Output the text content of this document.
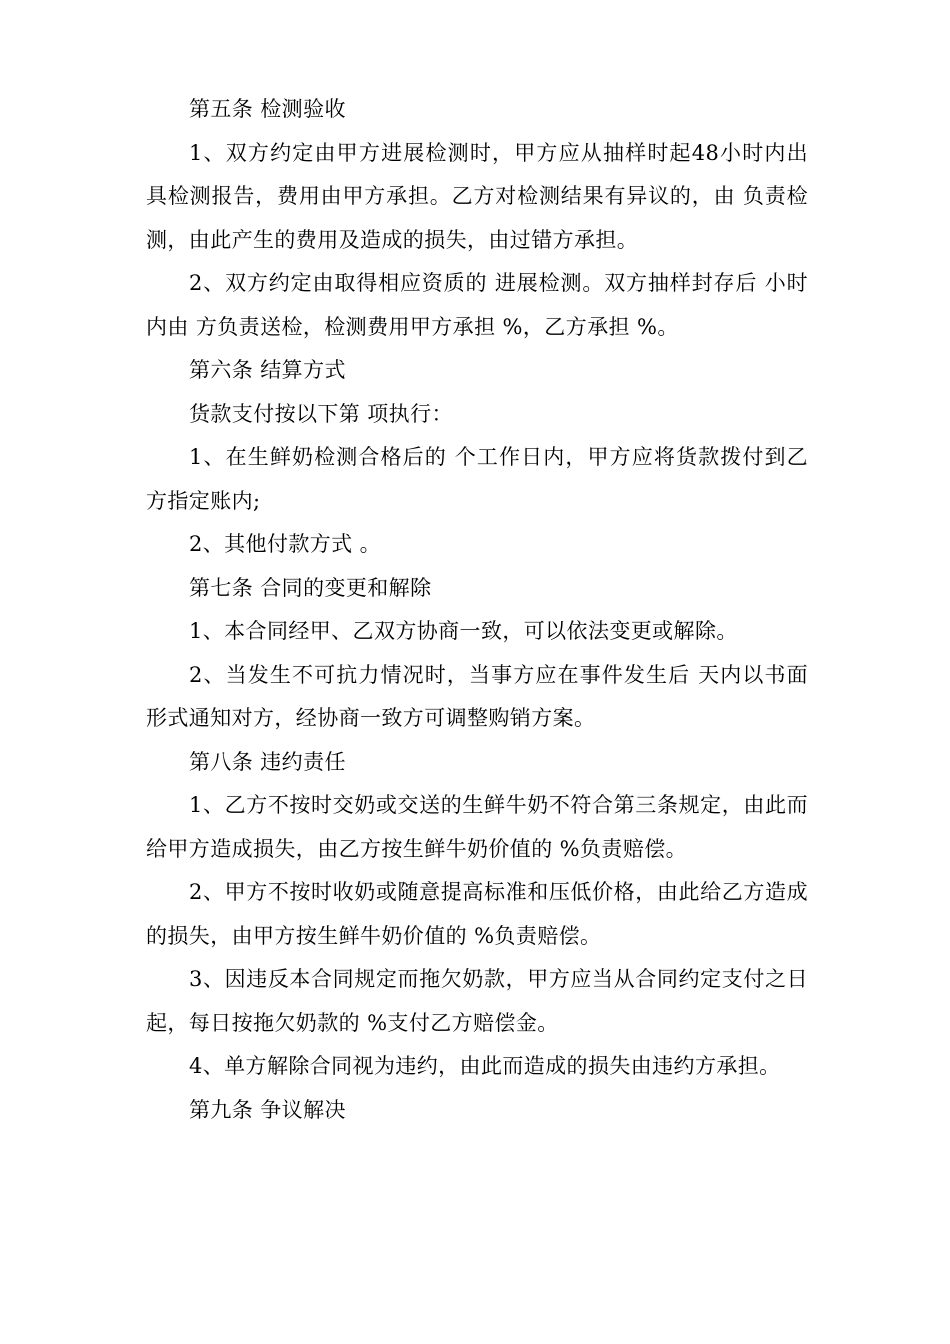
第五条 检测验收

1、双方约定由甲方进展检测时，甲方应从抽样时起48小时内出具检测报告，费用由甲方承担。乙方对检测结果有异议的，由 负责检测，由此产生的费用及造成的损失，由过错方承担。

2、双方约定由取得相应资质的 进展检测。双方抽样封存后 小时内由 方负责送检，检测费用甲方承担 %，乙方承担 %。

第六条 结算方式

货款支付按以下第 项执行：

1、在生鲜奶检测合格后的 个工作日内，甲方应将货款拨付到乙方指定账内;

2、其他付款方式 。

第七条 合同的变更和解除

1、本合同经甲、乙双方协商一致，可以依法变更或解除。

2、当发生不可抗力情况时，当事方应在事件发生后 天内以书面形式通知对方，经协商一致方可调整购销方案。

第八条 违约责任

1、乙方不按时交奶或交送的生鲜牛奶不符合第三条规定，由此而给甲方造成损失，由乙方按生鲜牛奶价值的 %负责赔偿。

2、甲方不按时收奶或随意提高标准和压低价格，由此给乙方造成的损失，由甲方按生鲜牛奶价值的 %负责赔偿。

3、因违反本合同规定而拖欠奶款，甲方应当从合同约定支付之日起，每日按拖欠奶款的 %支付乙方赔偿金。

4、单方解除合同视为违约，由此而造成的损失由违约方承担。

第九条 争议解决
